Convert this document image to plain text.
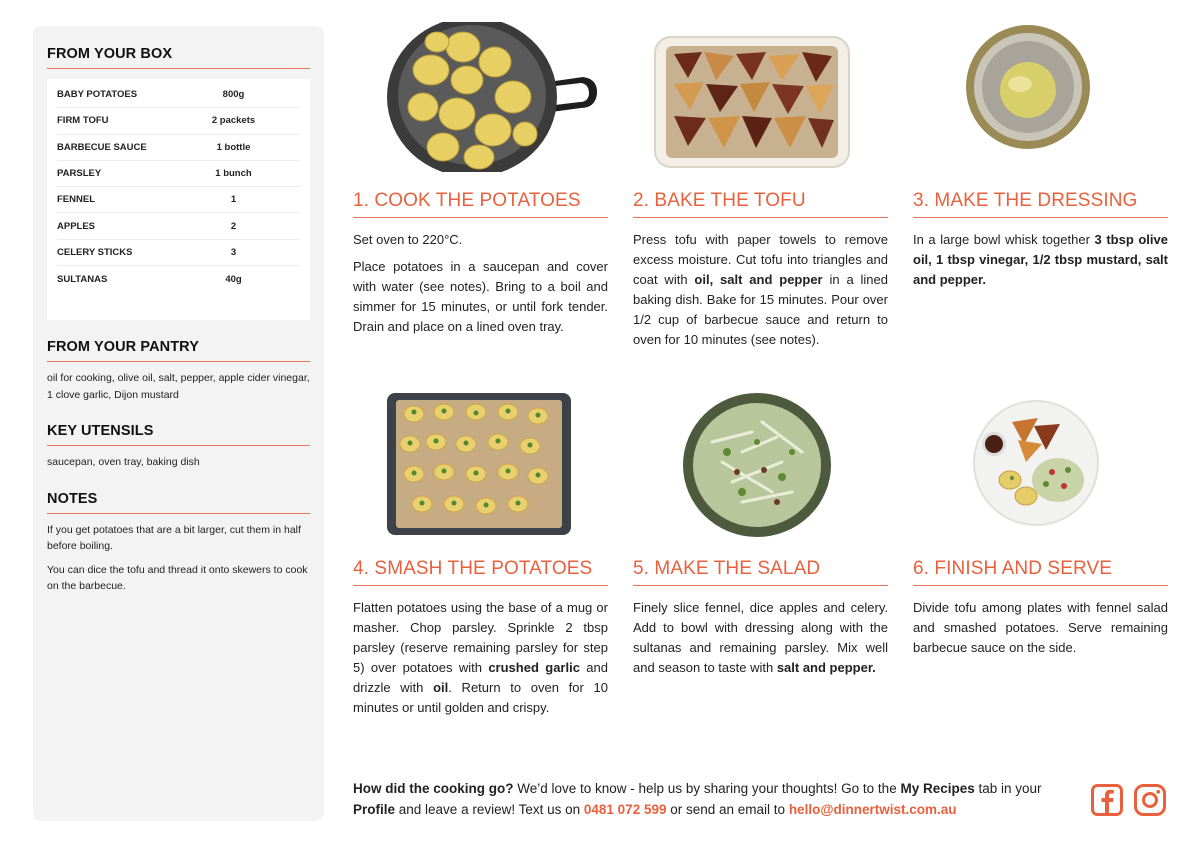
FROM YOUR BOX
BABY POTATOES	800g
FIRM TOFU	2 packets
BARBECUE SAUCE	1 bottle
PARSLEY	1 bunch
FENNEL	1
APPLES	2
CELERY STICKS	3
SULTANAS	40g
FROM YOUR PANTRY
oil for cooking, olive oil, salt, pepper, apple cider vinegar, 1 clove garlic, Dijon mustard
KEY UTENSILS
saucepan, oven tray, baking dish
NOTES
If you get potatoes that are a bit larger, cut them in half before boiling.
You can dice the tofu and thread it onto skewers to cook on the barbecue.
1. COOK THE POTATOES

Set oven to 220°C.

Place potatoes in a saucepan and cover with water (see notes). Bring to a boil and simmer for 15 minutes, or until fork tender. Drain and place on a lined oven tray.

2. BAKE THE TOFU

Press tofu with paper towels to remove excess moisture. Cut tofu into triangles and coat with oil, salt and pepper in a lined baking dish. Bake for 15 minutes. Pour over 1/2 cup of barbecue sauce and return to oven for 10 minutes (see notes).

3. MAKE THE DRESSING

In a large bowl whisk together 3 tbsp olive oil, 1 tbsp vinegar, 1/2 tbsp mustard, salt and pepper.

4. SMASH THE POTATOES

Flatten potatoes using the base of a mug or masher. Chop parsley. Sprinkle 2 tbsp parsley (reserve remaining parsley for step 5) over potatoes with crushed garlic and drizzle with oil. Return to oven for 10 minutes or until golden and crispy.

5. MAKE THE SALAD

Finely slice fennel, dice apples and celery. Add to bowl with dressing along with the sultanas and remaining parsley. Mix well and season to taste with salt and pepper.

6. FINISH AND SERVE

Divide tofu among plates with fennel salad and smashed potatoes. Serve remaining barbecue sauce on the side.

How did the cooking go? We’d love to know - help us by sharing your thoughts! Go to the My Recipes tab in your Profile and leave a review! Text us on 0481 072 599 or send an email to hello@dinnertwist.com.au
